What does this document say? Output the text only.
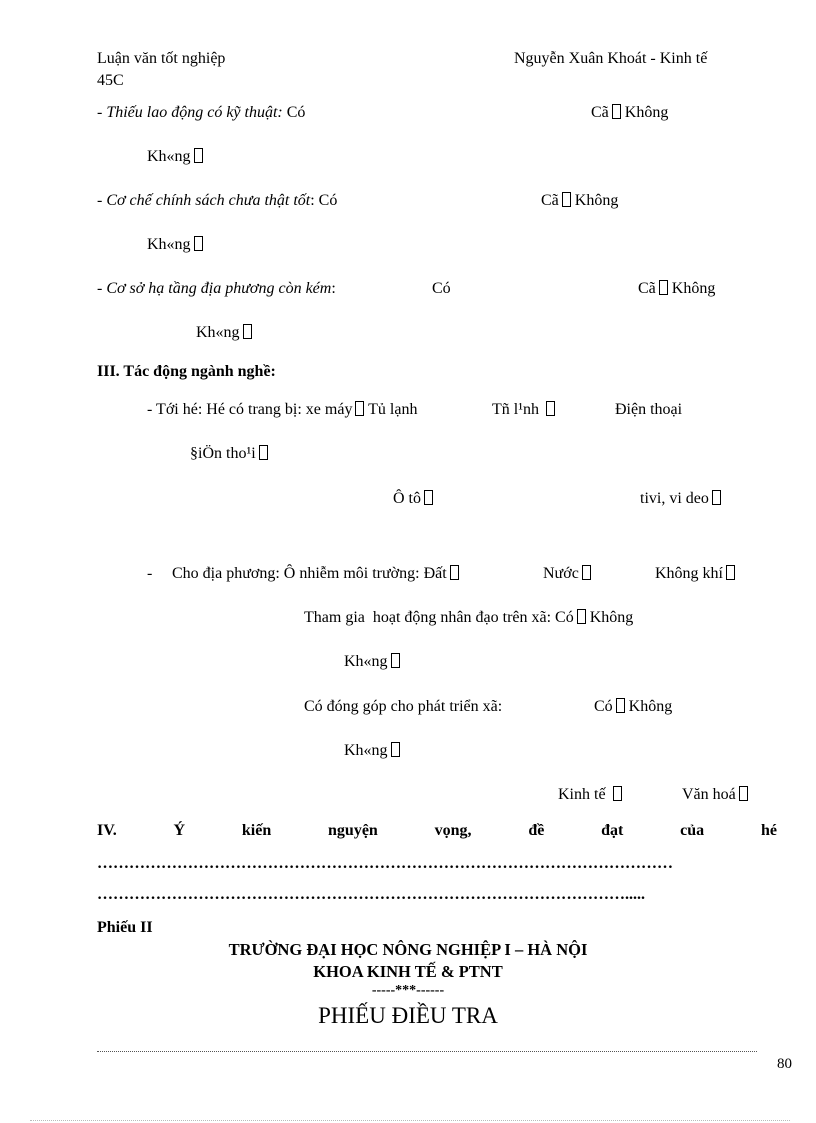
Luận văn tốt nghiệp	Nguyễn Xuân Khoát - Kinh tế
45C
- Thiếu lao động có kỹ thuật: Có	Cã Không
Kh«ng
- Cơ chế chính sách chưa thật tốt: Có	Cã Không
Kh«ng
- Cơ sở hạ tầng địa phương còn kém:	Có	Cã Không
Kh«ng
III. Tác động ngành nghề:
- Tới hé: Hé có trang bị: xe máy Tủ lạnh	Tñ l¹nh	Điện thoại
§iÖn tho¹i
Ô tô	tivi, vi deo
- Cho địa phương: Ô nhiễm môi trường: Đất	Nước	Không khí
Tham gia  hoạt động nhân đạo trên xã: Có Không
Kh«ng
Có đóng góp cho phát triển xã:	Có Không
Kh«ng
Kinh tế	Văn hoá
IV.	Ý	kiến	nguyện	vọng,	đề	đạt	của	hé
………………………………………………………………………………………………
……………………………………………………………………………………….....
Phiếu II
TRƯỜNG ĐẠI HỌC NÔNG NGHIỆP I – HÀ NỘI
KHOA KINH TẾ & PTNT
-----***------
PHIẾU ĐIỀU TRA
80
